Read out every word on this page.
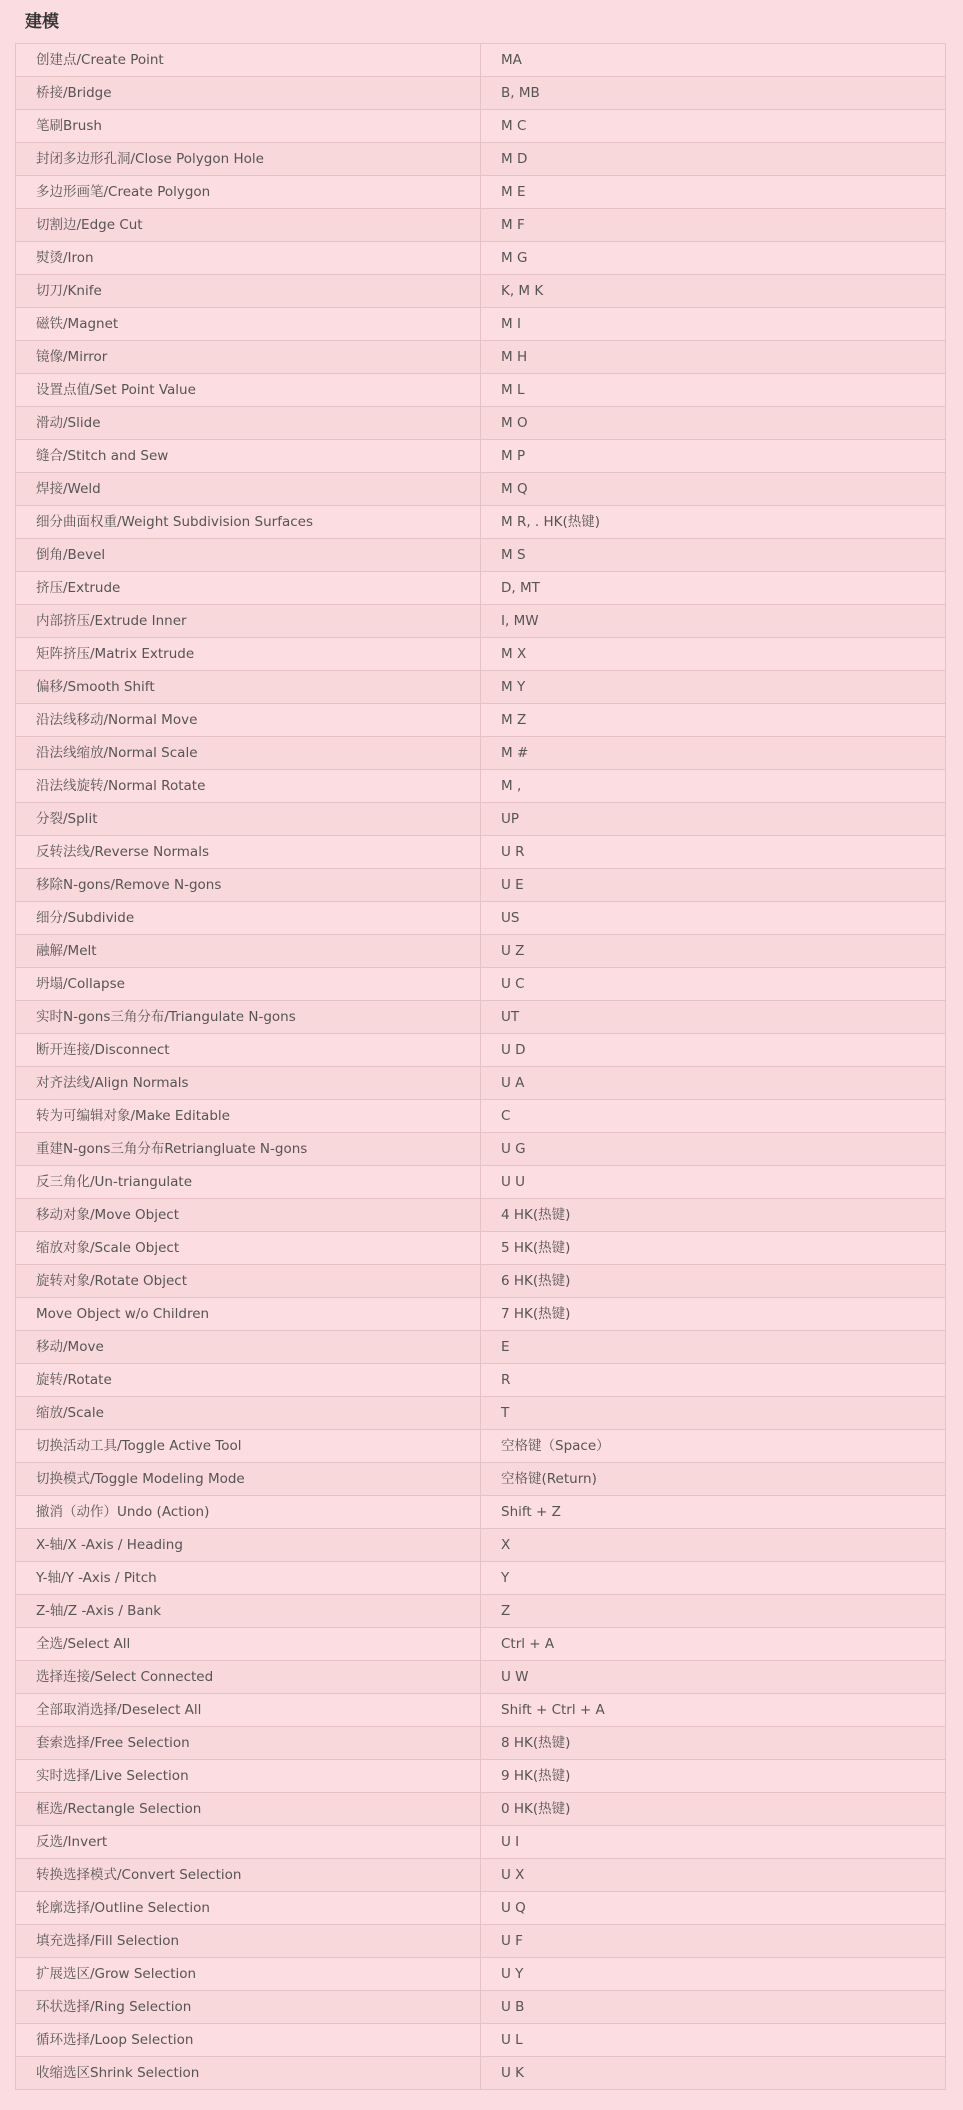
建模
创建点/Create Point	MA
桥接/Bridge	B, MB
笔刷Brush	M C
封闭多边形孔洞/Close Polygon Hole	M D
多边形画笔/Create Polygon	M E
切割边/Edge Cut	M F
熨烫/Iron	M G
切刀/Knife	K, M K
磁铁/Magnet	M I
镜像/Mirror	M H
设置点值/Set Point Value	M L
滑动/Slide	M O
缝合/Stitch and Sew	M P
焊接/Weld	M Q
细分曲面权重/Weight Subdivision Surfaces	M R, . HK(热键)
倒角/Bevel	M S
挤压/Extrude	D, MT
内部挤压/Extrude Inner	I, MW
矩阵挤压/Matrix Extrude	M X
偏移/Smooth Shift	M Y
沿法线移动/Normal Move	M Z
沿法线缩放/Normal Scale	M #
沿法线旋转/Normal Rotate	M ,
分裂/Split	UP
反转法线/Reverse Normals	U R
移除N-gons/Remove N-gons	U E
细分/Subdivide	US
融解/Melt	U Z
坍塌/Collapse	U C
实时N-gons三角分布/Triangulate N-gons	UT
断开连接/Disconnect	U D
对齐法线/Align Normals	U A
转为可编辑对象/Make Editable	C
重建N-gons三角分布Retriangluate N-gons	U G
反三角化/Un-triangulate	U U
移动对象/Move Object	4 HK(热键)
缩放对象/Scale Object	5 HK(热键)
旋转对象/Rotate Object	6 HK(热键)
Move Object w/o Children	7 HK(热键)
移动/Move	E
旋转/Rotate	R
缩放/Scale	T
切换活动工具/Toggle Active Tool	空格键（Space）
切换模式/Toggle Modeling Mode	空格键(Return)
撤消（动作）Undo (Action)	Shift + Z
X-轴/X -Axis / Heading	X
Y-轴/Y -Axis / Pitch	Y
Z-轴/Z -Axis / Bank	Z
全选/Select All	Ctrl + A
选择连接/Select Connected	U W
全部取消选择/Deselect All	Shift + Ctrl + A
套索选择/Free Selection	8 HK(热键)
实时选择/Live Selection	9 HK(热键)
框选/Rectangle Selection	0 HK(热键)
反选/Invert	U I
转换选择模式/Convert Selection	U X
轮廓选择/Outline Selection	U Q
填充选择/Fill Selection	U F
扩展选区/Grow Selection	U Y
环状选择/Ring Selection	U B
循环选择/Loop Selection	U L
收缩选区Shrink Selection	U K
